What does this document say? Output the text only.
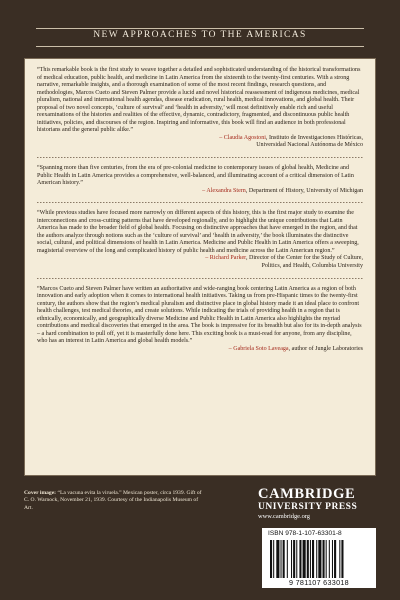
NEW APPROACHES TO THE AMERICAS

“This remarkable book is the first study to weave together a detailed and sophisticated understanding of the historical transformations of medical education, public health, and medicine in Latin America from the sixteenth to the twenty-first centuries. With a strong narrative, remarkable insights, and a thorough examination of some of the most recent findings, research questions, and methodologies, Marcos Cueto and Steven Palmer provide a lucid and novel historical reassessment of indigenous medicines, medical pluralism, national and international health agendas, disease eradication, rural health, medical innovations, and global health. Their proposal of two novel concepts, ‘culture of survival’ and ‘health in adversity,’ will most definitively enable rich and useful reexaminations of the histories and realities of the effective, dynamic, contradictory, fragmented, and discontinuous public health initiatives, policies, and discourses of the region. Inspiring and informative, this book will find an audience in both professional historians and the general public alike.”

– Claudia Agostoni, Instituto de Investigaciones Históricas,
Universidad Nacional Autónoma de México

“Spanning more than five centuries, from the era of pre-colonial medicine to contemporary issues of global health, Medicine and Public Health in Latin America provides a comprehensive, well-balanced, and illuminating account of a critical dimension of Latin American history.”

– Alexandra Stern, Department of History, University of Michigan

“While previous studies have focused more narrowly on different aspects of this history, this is the first major study to examine the interconnections and cross-cutting patterns that have developed regionally, and to highlight the unique contributions that Latin America has made to the broader field of global health. Focusing on distinctive approaches that have emerged in the region, and that the authors analyze through notions such as the ‘culture of survival’ and ‘health in adversity,’ the book illuminates the distinctive social, cultural, and political dimensions of health in Latin America. Medicine and Public Health in Latin America offers a sweeping, magisterial overview of the long and complicated history of public health and medicine across the Latin American region.”

– Richard Parker, Director of the Center for the Study of Culture,
Politics, and Health, Columbia University

“Marcos Cueto and Steven Palmer have written an authoritative and wide-ranging book centering Latin America as a region of both innovation and early adoption when it comes to international health initiatives. Taking us from pre-Hispanic times to the twenty-first century, the authors show that the region’s medical pluralism and distinctive place in global history made it an ideal place to confront health challenges, test medical theories, and create solutions. While indicating the trials of providing health in a region that is ethnically, economically, and geographically diverse Medicine and Public Health in Latin America also highlights the myriad contributions and medical discoveries that emerged in the area. The book is impressive for its breadth but also for its in-depth analysis – a hard combination to pull off, yet it is masterfully done here. This exciting book is a must-read for anyone, from any discipline, who has an interest in Latin America and global health models.”

– Gabriela Soto Laveaga, author of Jungle Laboratories

Cover image: “La vacuna evita la viruela.” Mexican poster, circa 1939. Gift of C. O. Warnock, November 21, 1939. Courtesy of the Indianapolis Museum of Art.
CAMBRIDGE
UNIVERSITY PRESS
www.cambridge.org
ISBN 978-1-107-63301-8
9 781107 633018
